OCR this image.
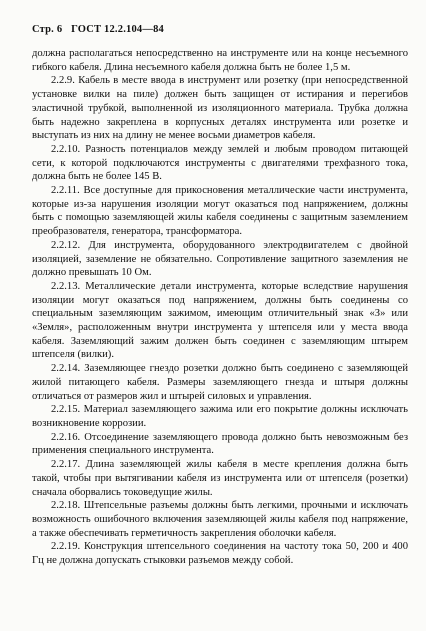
Стр. 6 ГОСТ 12.2.104—84

должна располагаться непосредственно на инструменте или на конце несъемного гибкого кабеля. Длина несъемного кабеля должна быть не более 1,5 м.

2.2.9. Кабель в месте ввода в инструмент или розетку (при непосредственной установке вилки на пиле) должен быть защищен от истирания и перегибов эластичной трубкой, выполненной из изоляционного материала. Трубка должна быть надежно закреплена в корпусных деталях инструмента или розетке и выступать из них на длину не менее восьми диаметров кабеля.

2.2.10. Разность потенциалов между землей и любым проводом питающей сети, к которой подключаются инструменты с двигателями трехфазного тока, должна быть не более 145 В.

2.2.11. Все доступные для прикосновения металлические части инструмента, которые из-за нарушения изоляции могут оказаться под напряжением, должны быть с помощью заземляющей жилы кабеля соединены с защитным заземлением преобразователя, генератора, трансформатора.

2.2.12. Для инструмента, оборудованного электродвигателем с двойной изоляцией, заземление не обязательно. Сопротивление защитного заземления не должно превышать 10 Ом.

2.2.13. Металлические детали инструмента, которые вследствие нарушения изоляции могут оказаться под напряжением, должны быть соединены со специальным заземляющим зажимом, имеющим отличительный знак «З» или «Земля», расположенным внутри инструмента у штепселя или у места ввода кабеля. Заземляющий зажим должен быть соединен с заземляющим штырем штепселя (вилки).

2.2.14. Заземляющее гнездо розетки должно быть соединено с заземляющей жилой питающего кабеля. Размеры заземляющего гнезда и штыря должны отличаться от размеров жил и штырей силовых и управления.

2.2.15. Материал заземляющего зажима или его покрытие должны исключать возникновение коррозии.

2.2.16. Отсоединение заземляющего провода должно быть невозможным без применения специального инструмента.

2.2.17. Длина заземляющей жилы кабеля в месте крепления должна быть такой, чтобы при вытягивании кабеля из инструмента или от штепселя (розетки) сначала оборвались токоведущие жилы.

2.2.18. Штепсельные разъемы должны быть легкими, прочными и исключать возможность ошибочного включения заземляющей жилы кабеля под напряжение, а также обеспечивать герметичность закрепления оболочки кабеля.

2.2.19. Конструкция штепсельного соединения на частоту тока 50, 200 и 400 Гц не должна допускать стыковки разъемов между собой.
